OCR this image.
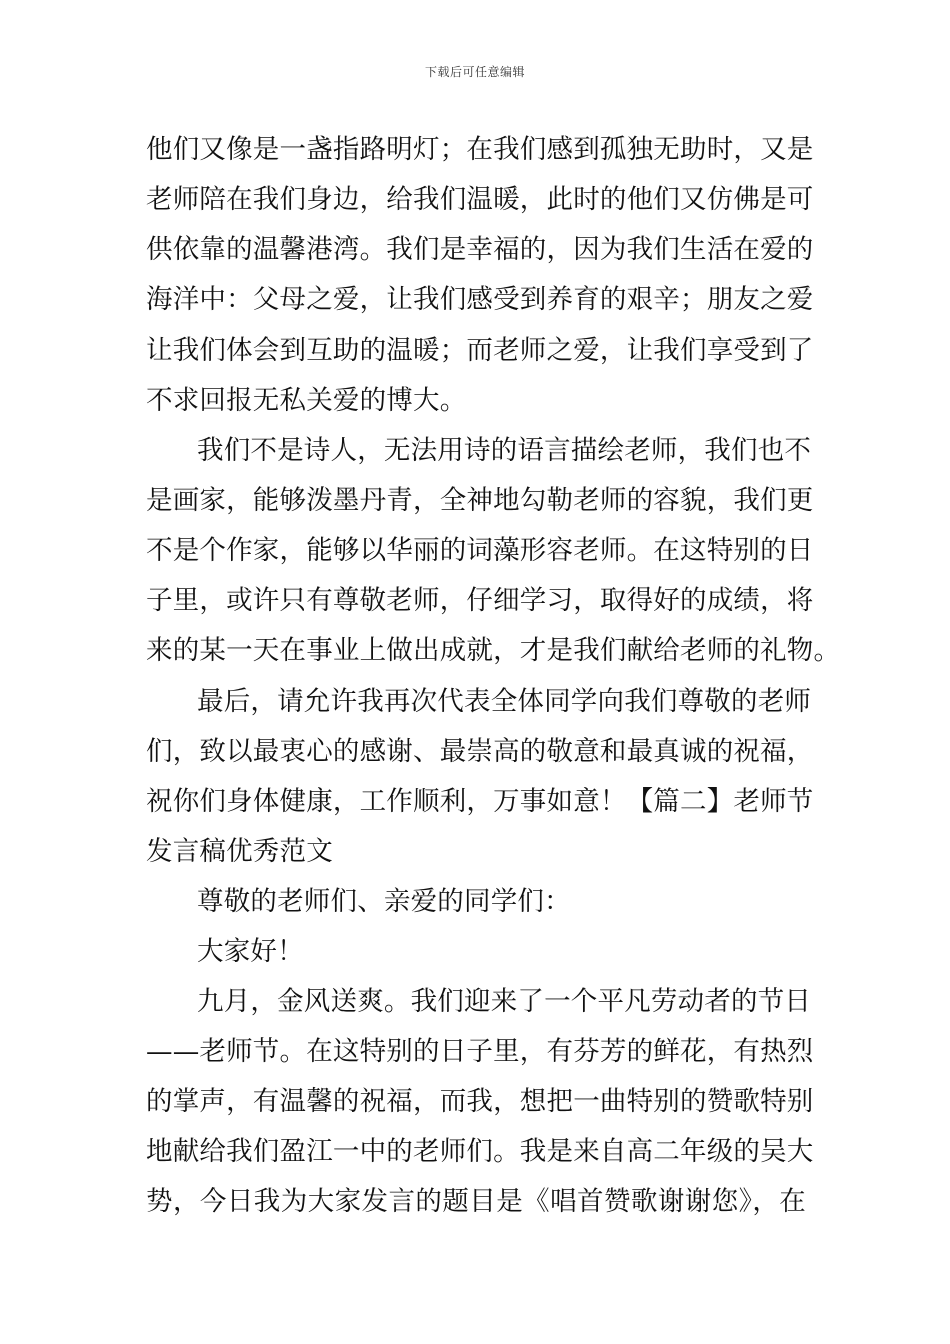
下载后可任意编辑
他们又像是一盏指路明灯；在我们感到孤独无助时，又是
老师陪在我们身边，给我们温暖，此时的他们又仿佛是可
供依靠的温馨港湾。我们是幸福的，因为我们生活在爱的
海洋中：父母之爱，让我们感受到养育的艰辛；朋友之爱
让我们体会到互助的温暖；而老师之爱，让我们享受到了
不求回报无私关爱的博大。
我们不是诗人，无法用诗的语言描绘老师，我们也不
是画家，能够泼墨丹青，全神地勾勒老师的容貌，我们更
不是个作家，能够以华丽的词藻形容老师。在这特别的日
子里，或许只有尊敬老师，仔细学习，取得好的成绩，将
来的某一天在事业上做出成就，才是我们献给老师的礼物。
最后，请允许我再次代表全体同学向我们尊敬的老师
们，致以最衷心的感谢、最崇高的敬意和最真诚的祝福，
祝你们身体健康，工作顺利，万事如意！【篇二】老师节
发言稿优秀范文
尊敬的老师们、亲爱的同学们：
大家好！
九月，金风送爽。我们迎来了一个平凡劳动者的节日
——老师节。在这特别的日子里，有芬芳的鲜花，有热烈
的掌声，有温馨的祝福，而我，想把一曲特别的赞歌特别
地献给我们盈江一中的老师们。我是来自高二年级的吴大
势，今日我为大家发言的题目是《唱首赞歌谢谢您》，在
